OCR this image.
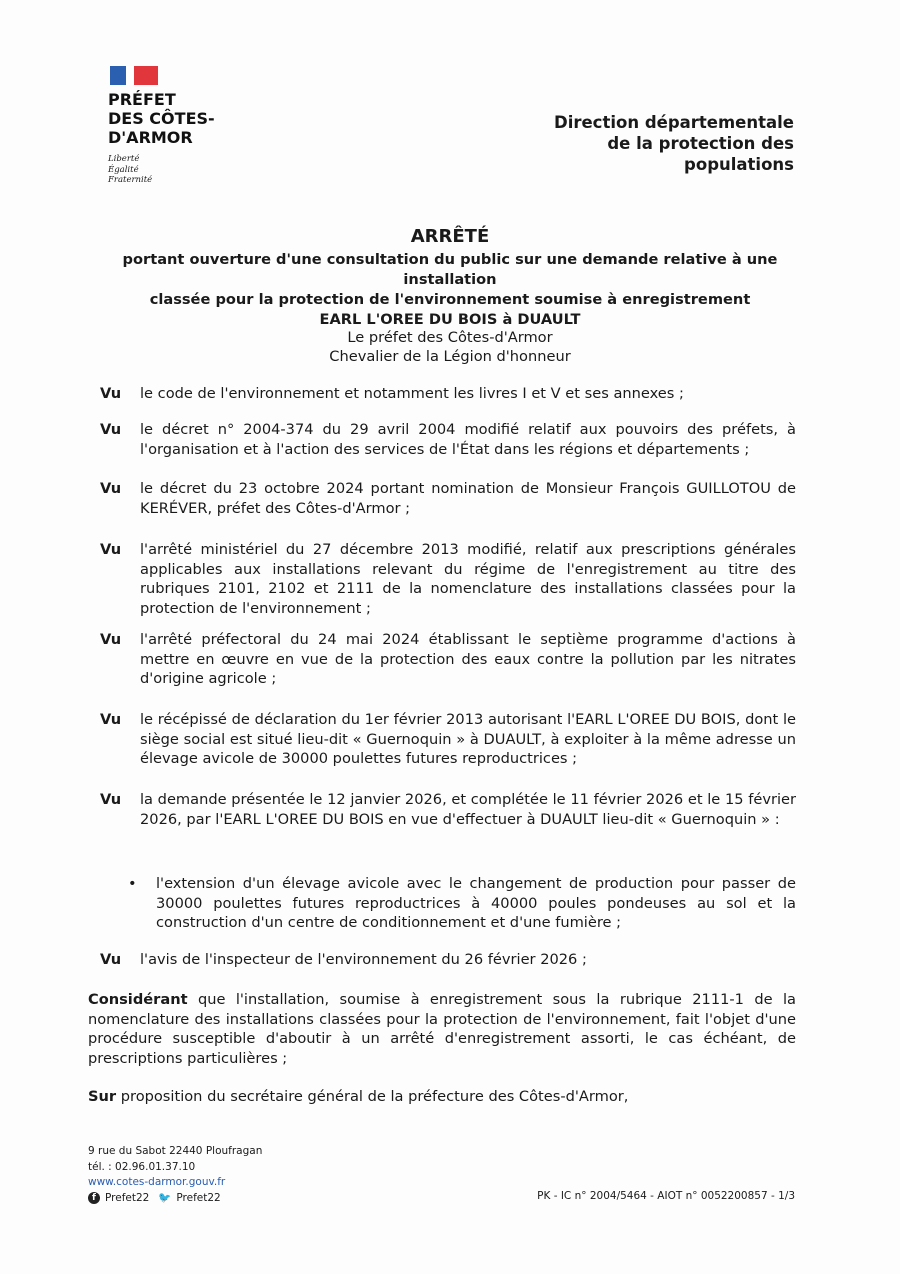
PRÉFET
DES CÔTES-
D'ARMOR
Liberté
Égalité
Fraternité
Direction départementale
de la protection des
populations
ARRÊTÉ
portant ouverture d'une consultation du public sur une demande relative à une installation
classée pour la protection de l'environnement soumise à enregistrement
EARL L'OREE DU BOIS à DUAULT
Le préfet des Côtes-d'Armor
Chevalier de la Légion d'honneur
Vu	le code de l'environnement et notamment les livres I et V et ses annexes ;
Vu	le décret n° 2004-374 du 29 avril 2004 modifié relatif aux pouvoirs des préfets, à l'organisation et à l'action des services de l'État dans les régions et départements ;
Vu	le décret du 23 octobre 2024 portant nomination de Monsieur François GUILLOTOU de KERÉVER, préfet des Côtes-d'Armor ;
Vu	l'arrêté ministériel du 27 décembre 2013 modifié, relatif aux prescriptions générales applicables aux installations relevant du régime de l'enregistrement au titre des rubriques 2101, 2102 et 2111 de la nomenclature des installations classées pour la protection de l'environnement ;
Vu	l'arrêté préfectoral du 24 mai 2024 établissant le septième programme d'actions à mettre en œuvre en vue de la protection des eaux contre la pollution par les nitrates d'origine agricole ;
Vu	le récépissé de déclaration du 1er février 2013 autorisant l'EARL L'OREE DU BOIS, dont le siège social est situé lieu-dit « Guernoquin » à DUAULT, à exploiter à la même adresse un élevage avicole de 30000 poulettes futures reproductrices ;
Vu	la demande présentée le 12 janvier 2026, et complétée le 11 février 2026 et le 15 février 2026, par l'EARL L'OREE DU BOIS en vue d'effectuer à DUAULT lieu-dit « Guernoquin » :
•	l'extension d'un élevage avicole avec le changement de production pour passer de 30000 poulettes futures reproductrices à 40000 poules pondeuses au sol et la construction d'un centre de conditionnement et d'une fumière ;
Vu	l'avis de l'inspecteur de l'environnement du 26 février 2026 ;
Considérant que l'installation, soumise à enregistrement sous la rubrique 2111-1 de la nomenclature des installations classées pour la protection de l'environnement, fait l'objet d'une procédure susceptible d'aboutir à un arrêté d'enregistrement assorti, le cas échéant, de prescriptions particulières ;
Sur proposition du secrétaire général de la préfecture des Côtes-d'Armor,
9 rue du Sabot 22440 Ploufragan
tél. : 02.96.01.37.10
www.cotes-darmor.gouv.fr
f Prefet22 🐦 Prefet22	PK - IC n° 2004/5464 - AIOT n° 0052200857 - 1/3
